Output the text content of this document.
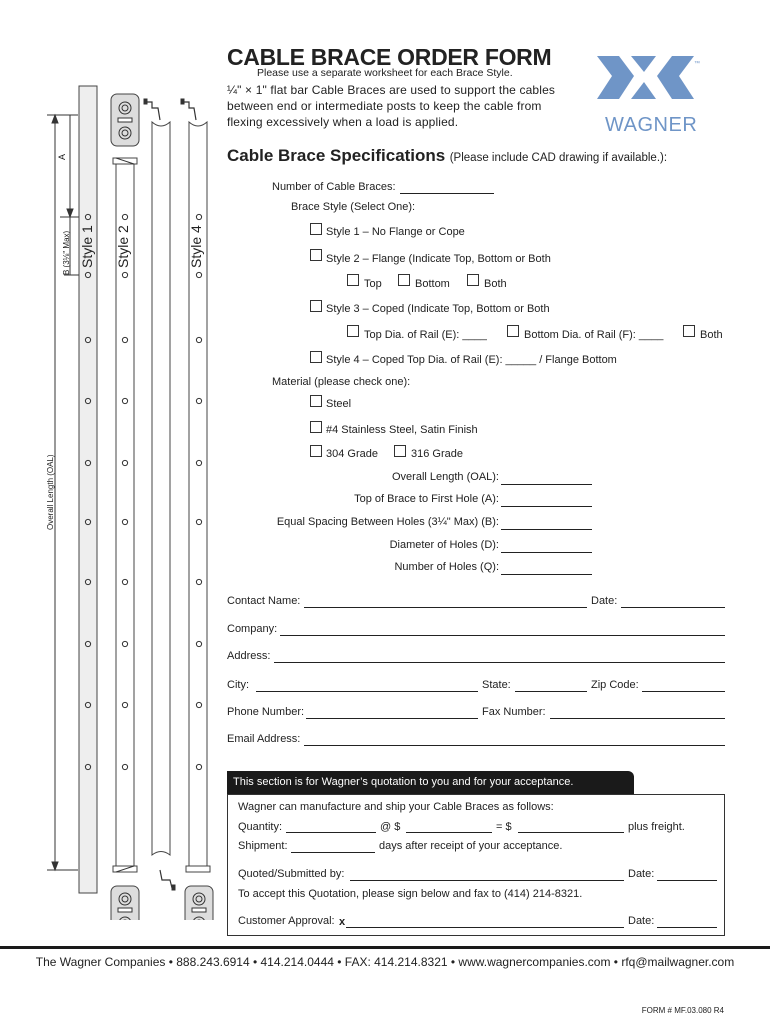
A
B (3⅛" Max)
Overall Length (OAL)
Style 1 Style 2	Style 4
CABLE BRACE ORDER FORM
Please use a separate worksheet for each Brace Style.
¼" × 1" flat bar Cable Braces are used to support the cables between end or intermediate posts to keep the cable from flexing excessively when a load is applied.
™
WAGNER
Cable Brace Specifications (Please include CAD drawing if available.):
Number of Cable Braces:
Brace Style (Select One):
Style 1 – No Flange or Cope
Style 2 – Flange (Indicate Top, Bottom or Both
Top	Bottom	Both
Style 3 – Coped (Indicate Top, Bottom or Both
Top Dia. of Rail (E): ____	Bottom Dia. of Rail (F): ____	Both
Style 4 – Coped Top Dia. of Rail (E): _____ / Flange Bottom
Material (please check one):
Steel
#4 Stainless Steel, Satin Finish
304 Grade	316 Grade
Overall Length (OAL):
Top of Brace to First Hole (A):
Equal Spacing Between Holes (3¼" Max) (B):
Diameter of Holes (D):
Number of Holes (Q):
Contact Name:	Date:
Company:
Address:
City:	State:	Zip Code:
Phone Number:	Fax Number:
Email Address:
This section is for Wagner’s quotation to you and for your acceptance.
Wagner can manufacture and ship your Cable Braces as follows:
Quantity:	@ $	= $	plus freight.
Shipment:	days after receipt of your acceptance.
Quoted/Submitted by:	Date:
To accept this Quotation, please sign below and fax to (414) 214-8321.
Customer Approval: x	Date:
The Wagner Companies • 888.243.6914 • 414.214.0444 • FAX: 414.214.8321 • www.wagnercompanies.com • rfq@mailwagner.com
FORM # MF.03.080 R4
